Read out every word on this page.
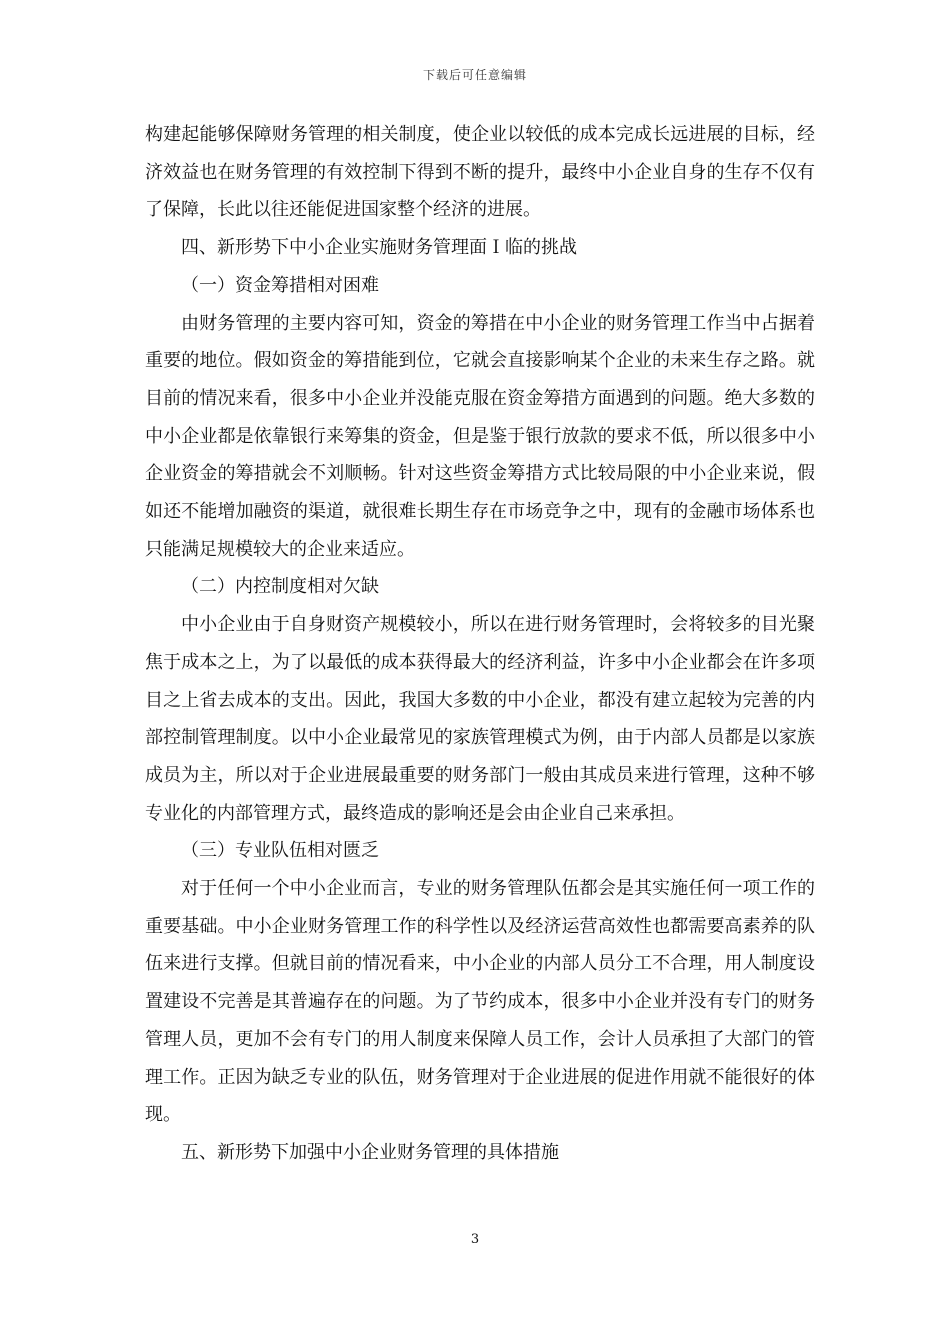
下载后可任意编辑

构建起能够保障财务管理的相关制度，使企业以较低的成本完成长远进展的目标，经济效益也在财务管理的有效控制下得到不断的提升，最终中小企业自身的生存不仅有了保障，长此以往还能促进国家整个经济的进展。

四、新形势下中小企业实施财务管理面Ｉ临的挑战

（一）资金筹措相对困难

由财务管理的主要内容可知，资金的筹措在中小企业的财务管理工作当中占据着重要的地位。假如资金的筹措能到位，它就会直接影响某个企业的未来生存之路。就目前的情况来看，很多中小企业并没能克服在资金筹措方面遇到的问题。绝大多数的中小企业都是依靠银行来筹集的资金，但是鉴于银行放款的要求不低，所以很多中小企业资金的筹措就会不刘顺畅。针对这些资金筹措方式比较局限的中小企业来说，假如还不能增加融资的渠道，就很难长期生存在市场竞争之中，现有的金融市场体系也只能满足规模较大的企业来适应。

（二）内控制度相对欠缺

中小企业由于自身财资产规模较小，所以在进行财务管理时，会将较多的目光聚焦于成本之上，为了以最低的成本获得最大的经济利益，许多中小企业都会在许多项目之上省去成本的支出。因此，我国大多数的中小企业，都没有建立起较为完善的内部控制管理制度。以中小企业最常见的家族管理模式为例，由于内部人员都是以家族成员为主，所以对于企业进展最重要的财务部门一般由其成员来进行管理，这种不够专业化的内部管理方式，最终造成的影响还是会由企业自己来承担。

（三）专业队伍相对匮乏

对于任何一个中小企业而言，专业的财务管理队伍都会是其实施任何一项工作的重要基础。中小企业财务管理工作的科学性以及经济运营高效性也都需要高素养的队伍来进行支撑。但就目前的情况看来，中小企业的内部人员分工不合理，用人制度设置建设不完善是其普遍存在的问题。为了节约成本，很多中小企业并没有专门的财务管理人员，更加不会有专门的用人制度来保障人员工作，会计人员承担了大部门的管理工作。正因为缺乏专业的队伍，财务管理对于企业进展的促进作用就不能很好的体现。

五、新形势下加强中小企业财务管理的具体措施

3
